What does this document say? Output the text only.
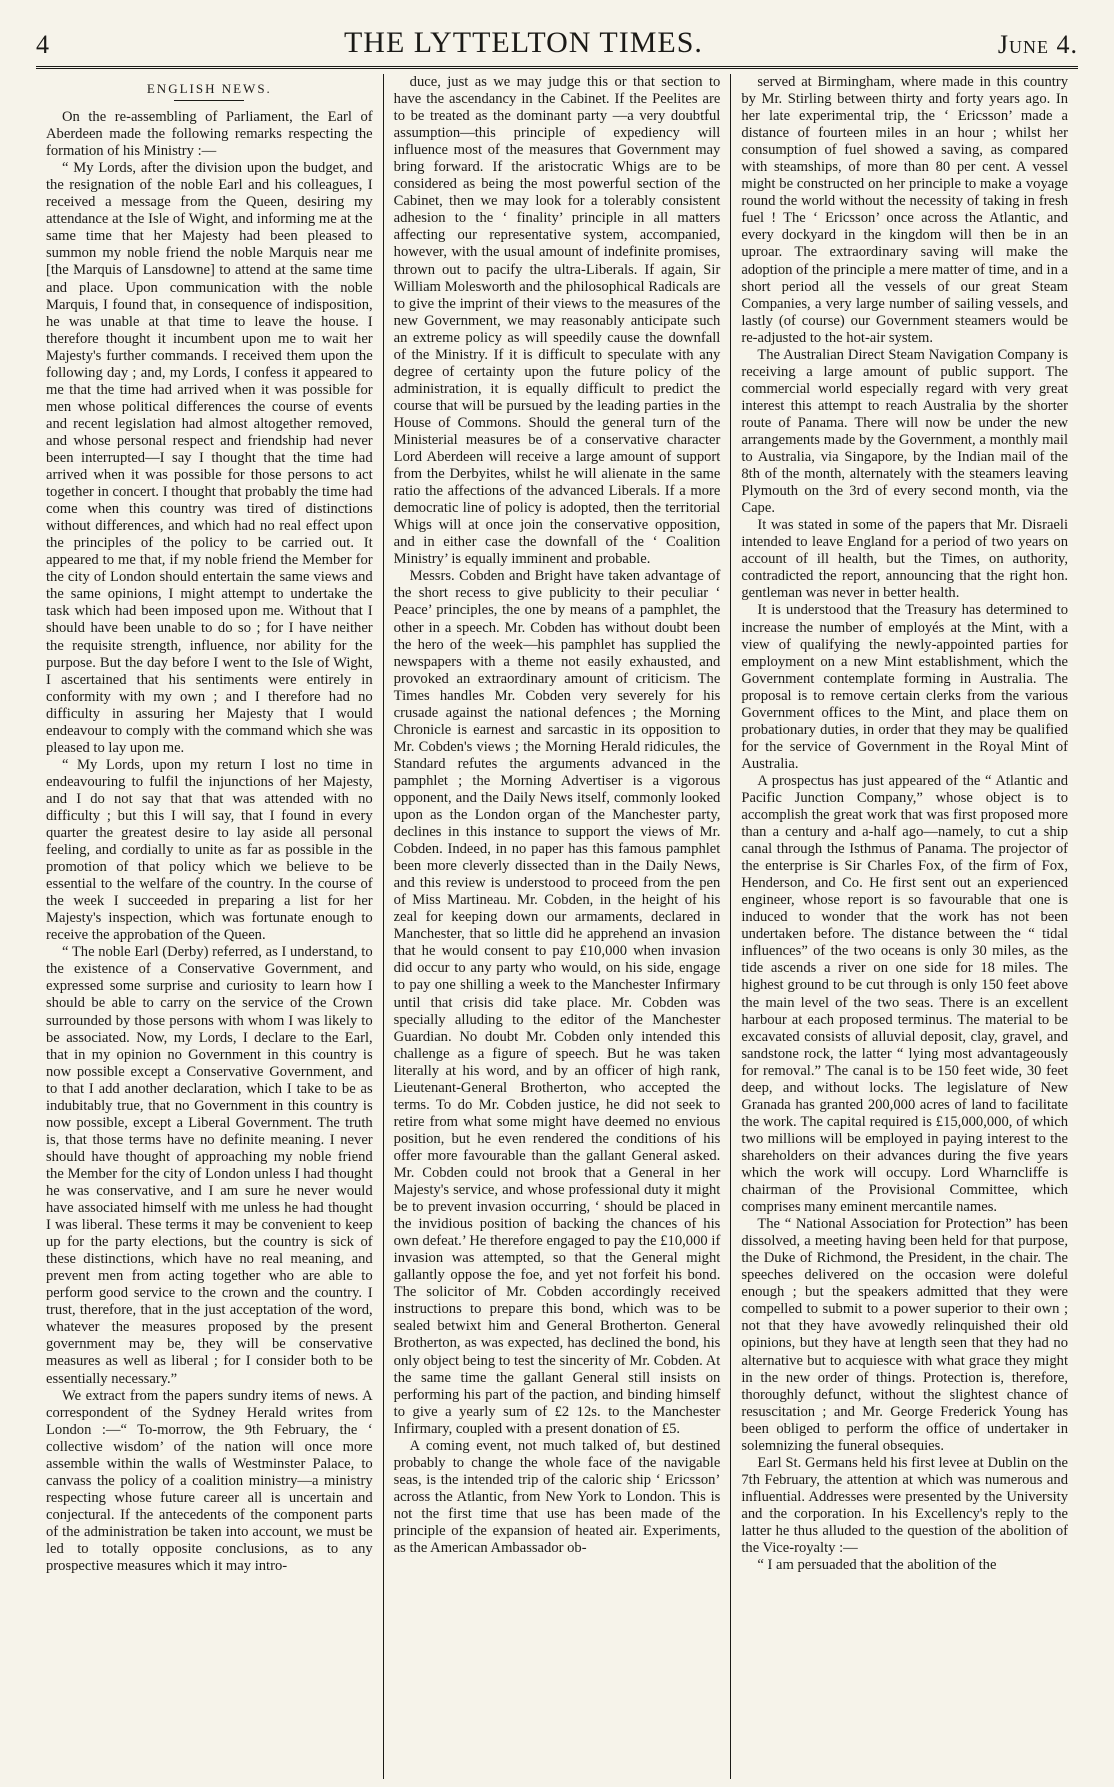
4	THE LYTTELTON TIMES.	June 4.
ENGLISH NEWS.

On the re-assembling of Parliament, the Earl of Aberdeen made the following remarks respecting the formation of his Ministry :—

“ My Lords, after the division upon the budget, and the resignation of the noble Earl and his colleagues, I received a message from the Queen, desiring my attendance at the Isle of Wight, and informing me at the same time that her Majesty had been pleased to summon my noble friend the noble Marquis near me [the Marquis of Lansdowne] to attend at the same time and place. Upon communication with the noble Marquis, I found that, in consequence of indisposition, he was unable at that time to leave the house. I therefore thought it incumbent upon me to wait her Majesty's further commands. I received them upon the following day ; and, my Lords, I confess it appeared to me that the time had arrived when it was possible for men whose political differences the course of events and recent legislation had almost altogether removed, and whose personal respect and friendship had never been interrupted—I say I thought that the time had arrived when it was possible for those persons to act together in concert. I thought that probably the time had come when this country was tired of distinctions without differences, and which had no real effect upon the principles of the policy to be carried out. It appeared to me that, if my noble friend the Member for the city of London should entertain the same views and the same opinions, I might attempt to undertake the task which had been imposed upon me. Without that I should have been unable to do so ; for I have neither the requisite strength, influence, nor ability for the purpose. But the day before I went to the Isle of Wight, I ascertained that his sentiments were entirely in conformity with my own ; and I therefore had no difficulty in assuring her Majesty that I would endeavour to comply with the command which she was pleased to lay upon me.

“ My Lords, upon my return I lost no time in endeavouring to fulfil the injunctions of her Majesty, and I do not say that that was attended with no difficulty ; but this I will say, that I found in every quarter the greatest desire to lay aside all personal feeling, and cordially to unite as far as possible in the promotion of that policy which we believe to be essential to the welfare of the country. In the course of the week I succeeded in preparing a list for her Majesty's inspection, which was fortunate enough to receive the approbation of the Queen.

“ The noble Earl (Derby) referred, as I understand, to the existence of a Conservative Government, and expressed some surprise and curiosity to learn how I should be able to carry on the service of the Crown surrounded by those persons with whom I was likely to be associated. Now, my Lords, I declare to the Earl, that in my opinion no Government in this country is now possible except a Conservative Government, and to that I add another declaration, which I take to be as indubitably true, that no Government in this country is now possible, except a Liberal Government. The truth is, that those terms have no definite meaning. I never should have thought of approaching my noble friend the Member for the city of London unless I had thought he was conservative, and I am sure he never would have associated himself with me unless he had thought I was liberal. These terms it may be convenient to keep up for the party elections, but the country is sick of these distinctions, which have no real meaning, and prevent men from acting together who are able to perform good service to the crown and the country. I trust, therefore, that in the just acceptation of the word, whatever the measures proposed by the present government may be, they will be conservative measures as well as liberal ; for I consider both to be essentially necessary.”

We extract from the papers sundry items of news. A correspondent of the Sydney Herald writes from London :—“ To-morrow, the 9th February, the ‘ collective wisdom’ of the nation will once more assemble within the walls of Westminster Palace, to canvass the policy of a coalition ministry—a ministry respecting whose future career all is uncertain and conjectural. If the antecedents of the component parts of the administration be taken into account, we must be led to totally opposite conclusions, as to any prospective measures which it may intro-

duce, just as we may judge this or that section to have the ascendancy in the Cabinet. If the Peelites are to be treated as the dominant party —a very doubtful assumption—this principle of expediency will influence most of the measures that Government may bring forward. If the aristocratic Whigs are to be considered as being the most powerful section of the Cabinet, then we may look for a tolerably consistent adhesion to the ‘ finality’ principle in all matters affecting our representative system, accompanied, however, with the usual amount of indefinite promises, thrown out to pacify the ultra-Liberals. If again, Sir William Molesworth and the philosophical Radicals are to give the imprint of their views to the measures of the new Government, we may reasonably anticipate such an extreme policy as will speedily cause the downfall of the Ministry. If it is difficult to speculate with any degree of certainty upon the future policy of the administration, it is equally difficult to predict the course that will be pursued by the leading parties in the House of Commons. Should the general turn of the Ministerial measures be of a conservative character Lord Aberdeen will receive a large amount of support from the Derbyites, whilst he will alienate in the same ratio the affections of the advanced Liberals. If a more democratic line of policy is adopted, then the territorial Whigs will at once join the conservative opposition, and in either case the downfall of the ‘ Coalition Ministry’ is equally imminent and probable.

Messrs. Cobden and Bright have taken advantage of the short recess to give publicity to their peculiar ‘ Peace’ principles, the one by means of a pamphlet, the other in a speech. Mr. Cobden has without doubt been the hero of the week—his pamphlet has supplied the newspapers with a theme not easily exhausted, and provoked an extraordinary amount of criticism. The Times handles Mr. Cobden very severely for his crusade against the national defences ; the Morning Chronicle is earnest and sarcastic in its opposition to Mr. Cobden's views ; the Morning Herald ridicules, the Standard refutes the arguments advanced in the pamphlet ; the Morning Advertiser is a vigorous opponent, and the Daily News itself, commonly looked upon as the London organ of the Manchester party, declines in this instance to support the views of Mr. Cobden. Indeed, in no paper has this famous pamphlet been more cleverly dissected than in the Daily News, and this review is understood to proceed from the pen of Miss Martineau. Mr. Cobden, in the height of his zeal for keeping down our armaments, declared in Manchester, that so little did he apprehend an invasion that he would consent to pay £10,000 when invasion did occur to any party who would, on his side, engage to pay one shilling a week to the Manchester Infirmary until that crisis did take place. Mr. Cobden was specially alluding to the editor of the Manchester Guardian. No doubt Mr. Cobden only intended this challenge as a figure of speech. But he was taken literally at his word, and by an officer of high rank, Lieutenant-General Brotherton, who accepted the terms. To do Mr. Cobden justice, he did not seek to retire from what some might have deemed no envious position, but he even rendered the conditions of his offer more favourable than the gallant General asked. Mr. Cobden could not brook that a General in her Majesty's service, and whose professional duty it might be to prevent invasion occurring, ‘ should be placed in the invidious position of backing the chances of his own defeat.’ He therefore engaged to pay the £10,000 if invasion was attempted, so that the General might gallantly oppose the foe, and yet not forfeit his bond. The solicitor of Mr. Cobden accordingly received instructions to prepare this bond, which was to be sealed betwixt him and General Brotherton. General Brotherton, as was expected, has declined the bond, his only object being to test the sincerity of Mr. Cobden. At the same time the gallant General still insists on performing his part of the paction, and binding himself to give a yearly sum of £2 12s. to the Manchester Infirmary, coupled with a present donation of £5.

A coming event, not much talked of, but destined probably to change the whole face of the navigable seas, is the intended trip of the caloric ship ‘ Ericsson’ across the Atlantic, from New York to London. This is not the first time that use has been made of the principle of the expansion of heated air. Experiments, as the American Ambassador ob-

served at Birmingham, where made in this country by Mr. Stirling between thirty and forty years ago. In her late experimental trip, the ‘ Ericsson’ made a distance of fourteen miles in an hour ; whilst her consumption of fuel showed a saving, as compared with steamships, of more than 80 per cent. A vessel might be constructed on her principle to make a voyage round the world without the necessity of taking in fresh fuel ! The ‘ Ericsson’ once across the Atlantic, and every dockyard in the kingdom will then be in an uproar. The extraordinary saving will make the adoption of the principle a mere matter of time, and in a short period all the vessels of our great Steam Companies, a very large number of sailing vessels, and lastly (of course) our Government steamers would be re-adjusted to the hot-air system.

The Australian Direct Steam Navigation Company is receiving a large amount of public support. The commercial world especially regard with very great interest this attempt to reach Australia by the shorter route of Panama. There will now be under the new arrangements made by the Government, a monthly mail to Australia, via Singapore, by the Indian mail of the 8th of the month, alternately with the steamers leaving Plymouth on the 3rd of every second month, via the Cape.

It was stated in some of the papers that Mr. Disraeli intended to leave England for a period of two years on account of ill health, but the Times, on authority, contradicted the report, announcing that the right hon. gentleman was never in better health.

It is understood that the Treasury has determined to increase the number of employés at the Mint, with a view of qualifying the newly-appointed parties for employment on a new Mint establishment, which the Government contemplate forming in Australia. The proposal is to remove certain clerks from the various Government offices to the Mint, and place them on probationary duties, in order that they may be qualified for the service of Government in the Royal Mint of Australia.

A prospectus has just appeared of the “ Atlantic and Pacific Junction Company,” whose object is to accomplish the great work that was first proposed more than a century and a-half ago—namely, to cut a ship canal through the Isthmus of Panama. The projector of the enterprise is Sir Charles Fox, of the firm of Fox, Henderson, and Co. He first sent out an experienced engineer, whose report is so favourable that one is induced to wonder that the work has not been undertaken before. The distance between the “ tidal influences” of the two oceans is only 30 miles, as the tide ascends a river on one side for 18 miles. The highest ground to be cut through is only 150 feet above the main level of the two seas. There is an excellent harbour at each proposed terminus. The material to be excavated consists of alluvial deposit, clay, gravel, and sandstone rock, the latter “ lying most advantageously for removal.” The canal is to be 150 feet wide, 30 feet deep, and without locks. The legislature of New Granada has granted 200,000 acres of land to facilitate the work. The capital required is £15,000,000, of which two millions will be employed in paying interest to the shareholders on their advances during the five years which the work will occupy. Lord Wharncliffe is chairman of the Provisional Committee, which comprises many eminent mercantile names.

The “ National Association for Protection” has been dissolved, a meeting having been held for that purpose, the Duke of Richmond, the President, in the chair. The speeches delivered on the occasion were doleful enough ; but the speakers admitted that they were compelled to submit to a power superior to their own ; not that they have avowedly relinquished their old opinions, but they have at length seen that they had no alternative but to acquiesce with what grace they might in the new order of things. Protection is, therefore, thoroughly defunct, without the slightest chance of resuscitation ; and Mr. George Frederick Young has been obliged to perform the office of undertaker in solemnizing the funeral obsequies.

Earl St. Germans held his first levee at Dublin on the 7th February, the attention at which was numerous and influential. Addresses were presented by the University and the corporation. In his Excellency's reply to the latter he thus alluded to the question of the abolition of the Vice-royalty :—

“ I am persuaded that the abolition of the
